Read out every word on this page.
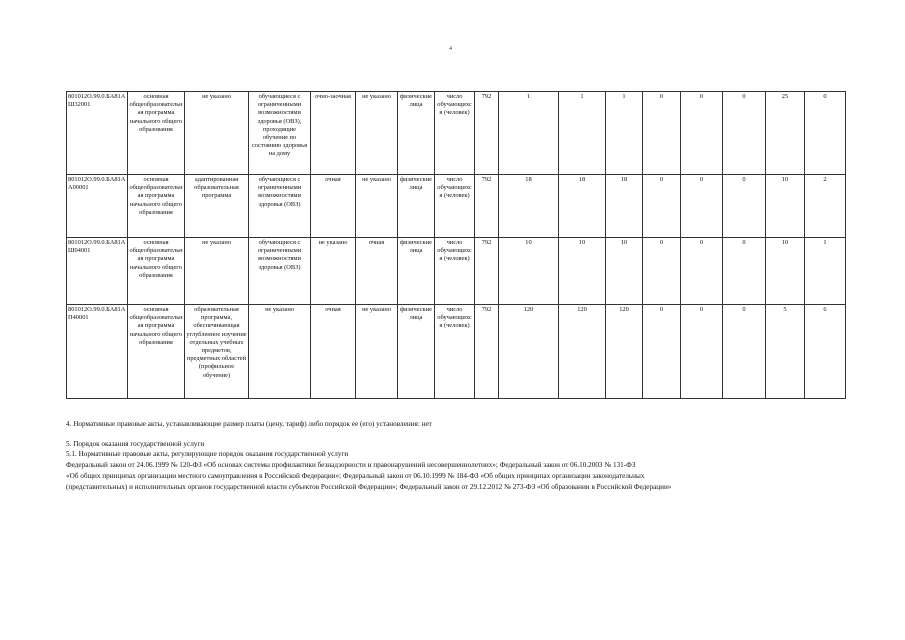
4
801012О.99.0.БА81АШ32001	основная общеобразовательная программа начального общего образования	не указано	обучающиеся с ограниченными возможностями здоровья (ОВЗ), проходящие обучение по состоянию здоровья на дому	очно-заочная	не указано	физические лица	число обучающихся (человек)	792	1	1	1	0	0	0	25	0
801012О.99.0.БА81АА00001	основная общеобразовательная программа начального общего образования	адаптированная образовательная программа	обучающиеся с ограниченными возможностями здоровья (ОВЗ)	очная	не указано	физические лица	число обучающихся (человек)	792	18	18	18	0	0	0	10	2
801012О.99.0.БА81АШ04001	основная общеобразовательная программа начального общего образования	не указано	обучающиеся с ограниченными возможностями здоровья (ОВЗ)	не указано	очная	физические лица	число обучающихся (человек)	792	10	10	10	0	0	0	10	1
801012О.99.0.БА81АП40001	основная общеобразовательная программа начального общего образования	образовательная программа, обеспечивающая углубленное изучение отдельных учебных предметов, предметных областей (профильное обучение)	не указано	очная	не указано	физические лица	число обучающихся (человек)	792	120	120	120	0	0	0	5	6
4. Нормативные правовые акты, устанавливающие размер платы (цену, тариф) либо порядок ее (его) установления: нет
5. Порядок оказания государственной услуги
5.1. Нормативные правовые акты, регулирующие порядок оказания государственной услуги
Федеральный закон от 24.06.1999 № 120-ФЗ «Об основах системы профилактики безнадзорности и правонарушений несовершеннолетних»; Федеральный закон от 06.10.2003 № 131-ФЗ
«Об общих принципах организации местного самоуправления в Российской Федерации»; Федеральный закон от 06.10.1999 № 184-ФЗ «Об общих принципах организации законодательных
(представительных) и исполнительных органов государственной власти субъектов Российской Федерации»; Федеральный закон от 29.12.2012 № 273-ФЗ «Об образовании в Российской Федерации»
